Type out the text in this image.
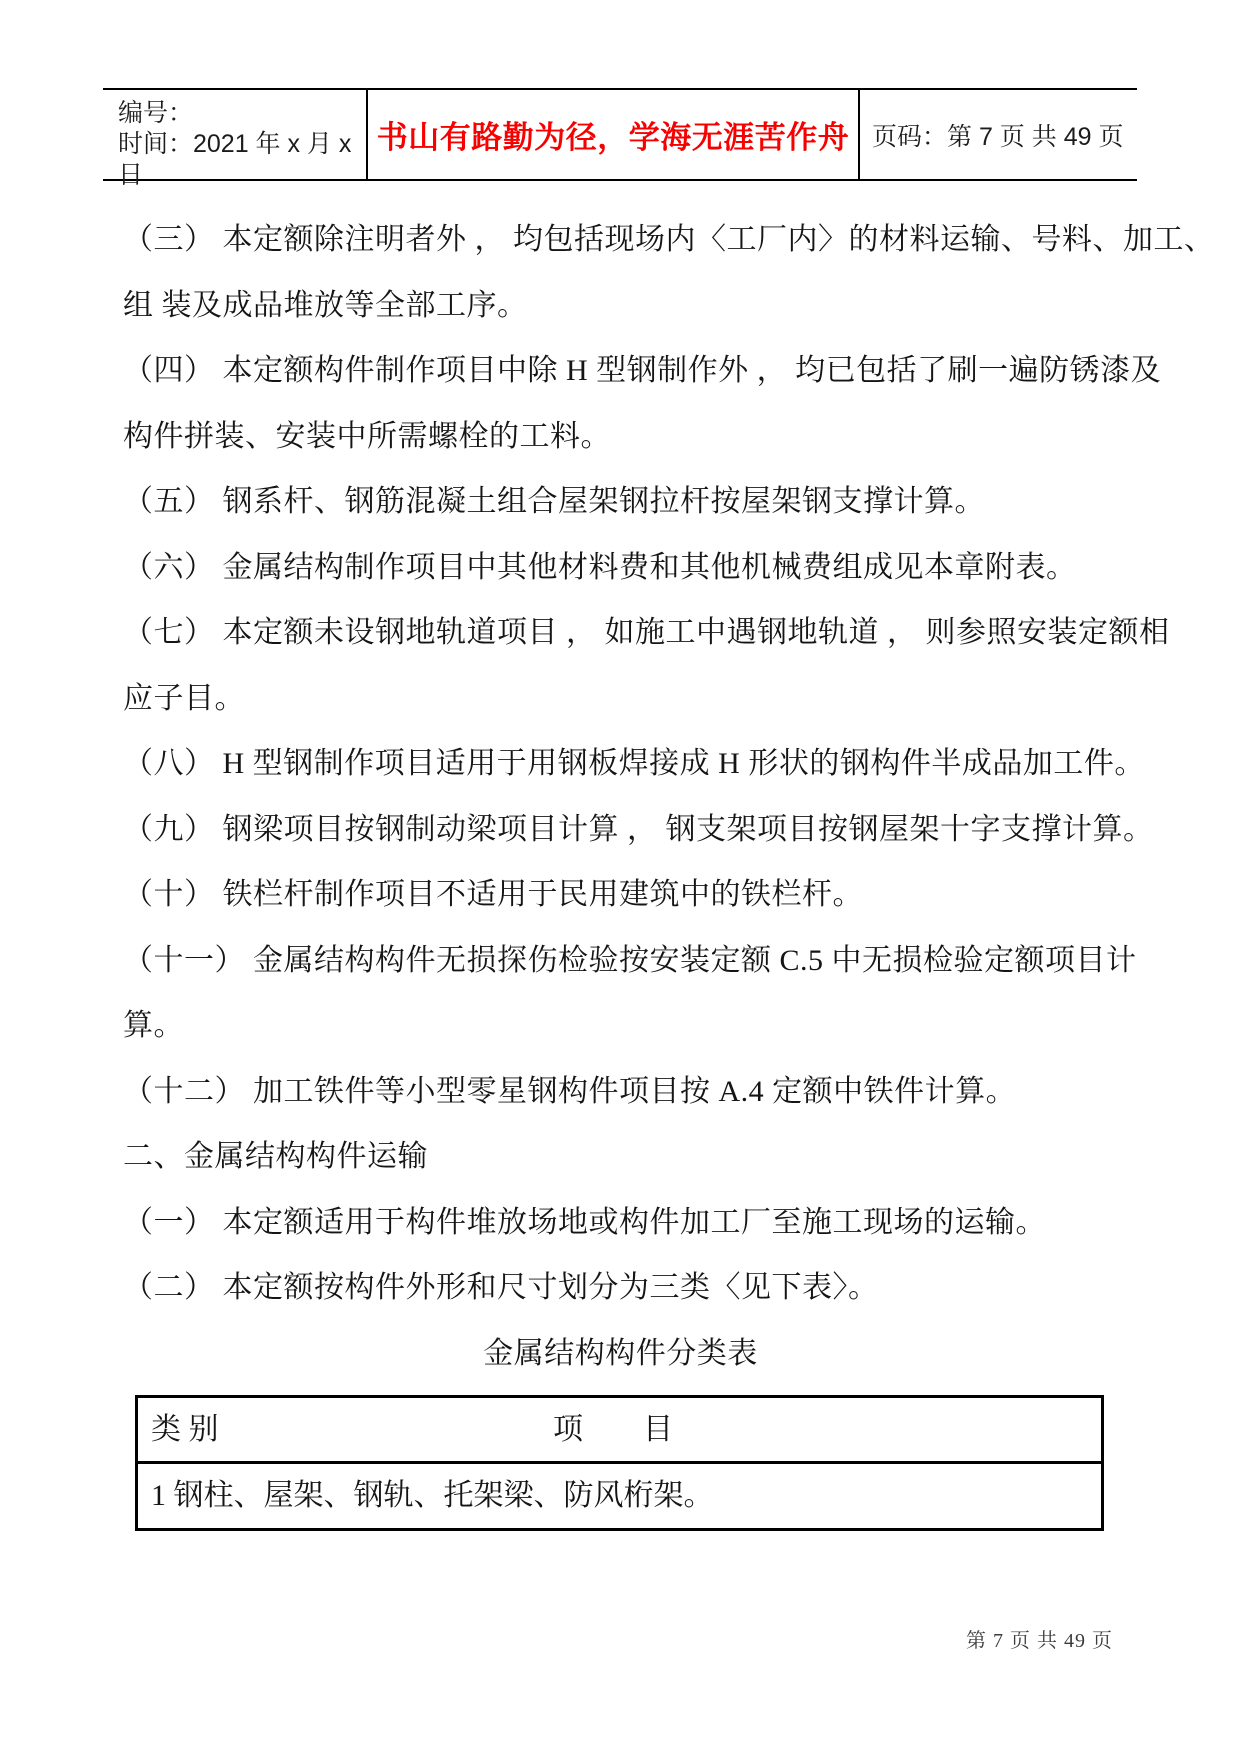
编号：
时间：2021 年 x 月 x 日
书山有路勤为径，学海无涯苦作舟 页码：第 7 页 共 49 页
（三） 本定额除注明者外 ， 均包括现场内〈工厂内〉的材料运输、号料、加工、
组 装及成品堆放等全部工序。
（四） 本定额构件制作项目中除 H 型钢制作外 ， 均已包括了刷一遍防锈漆及
构件拼装、安装中所需螺栓的工料。
（五） 钢系杆、钢筋混凝土组合屋架钢拉杆按屋架钢支撑计算。
（六） 金属结构制作项目中其他材料费和其他机械费组成见本章附表。
（七） 本定额未设钢地轨道项目 ， 如施工中遇钢地轨道 ， 则参照安装定额相
应子目。
（八） H 型钢制作项目适用于用钢板焊接成 H 形状的钢构件半成品加工件。
（九） 钢梁项目按钢制动梁项目计算 ， 钢支架项目按钢屋架十字支撑计算。
（十） 铁栏杆制作项目不适用于民用建筑中的铁栏杆。
（十一） 金属结构构件无损探伤检验按安装定额 C.5 中无损检验定额项目计
算。
（十二） 加工铁件等小型零星钢构件项目按 A.4 定额中铁件计算。
二、金属结构构件运输
（一） 本定额适用于构件堆放场地或构件加工厂至施工现场的运输。
（二） 本定额按构件外形和尺寸划分为三类〈见下表〉。
金属结构构件分类表
类 别	项　　目
1 钢柱、屋架、钢轨、托架梁、防风桁架。
第 7 页 共 49 页
